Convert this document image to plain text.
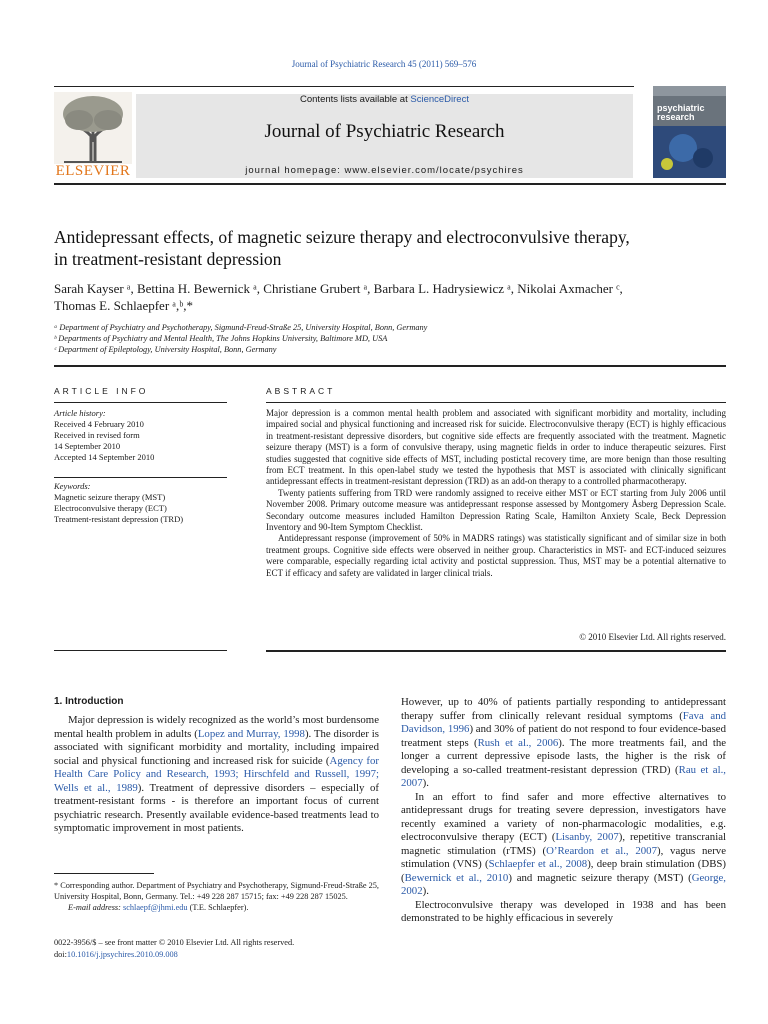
Journal of Psychiatric Research 45 (2011) 569–576
ELSEVIER
Contents lists available at ScienceDirect
Journal of Psychiatric Research
journal homepage: www.elsevier.com/locate/psychires
psychiatric research
Antidepressant effects, of magnetic seizure therapy and electroconvulsive therapy,
in treatment-resistant depression
Sarah Kayser ᵃ, Bettina H. Bewernick ᵃ, Christiane Grubert ᵃ, Barbara L. Hadrysiewicz ᵃ, Nikolai Axmacher ᶜ,
Thomas E. Schlaepfer ᵃ,ᵇ,*
ᵃ Department of Psychiatry and Psychotherapy, Sigmund-Freud-Straße 25, University Hospital, Bonn, Germany
ᵇ Departments of Psychiatry and Mental Health, The Johns Hopkins University, Baltimore MD, USA
ᶜ Department of Epileptology, University Hospital, Bonn, Germany
ARTICLE INFO
Article history:
Received 4 February 2010
Received in revised form
14 September 2010
Accepted 14 September 2010
Keywords:
Magnetic seizure therapy (MST)
Electroconvulsive therapy (ECT)
Treatment-resistant depression (TRD)
ABSTRACT

Major depression is a common mental health problem and associated with significant morbidity and mortality, including impaired social and physical functioning and increased risk for suicide. Electroconvulsive therapy (ECT) is highly efficacious in treatment-resistant depressive disorders, but cognitive side effects are frequently associated with the treatment. Magnetic seizure therapy (MST) is a form of convulsive therapy, using magnetic fields in order to induce therapeutic seizures. First studies suggested that cognitive side effects of MST, including postictal recovery time, are more benign than those resulting from ECT treatment. In this open-label study we tested the hypothesis that MST is associated with clinically significant antidepressant effects in treatment-resistant depression (TRD) as an add-on therapy to a controlled pharmacotherapy.

Twenty patients suffering from TRD were randomly assigned to receive either MST or ECT starting from July 2006 until November 2008. Primary outcome measure was antidepressant response assessed by Montgomery Åsberg Depression Scale. Secondary outcome measures included Hamilton Depression Rating Scale, Hamilton Anxiety Scale, Beck Depression Inventory and 90-Item Symptom Checklist.

Antidepressant response (improvement of 50% in MADRS ratings) was statistically significant and of similar size in both treatment groups. Cognitive side effects were observed in neither group. Characteristics in MST- and ECT-induced seizures were comparable, especially regarding ictal activity and postictal suppression. Thus, MST may be a potential alternative to ECT if efficacy and safety are validated in larger clinical trials.

© 2010 Elsevier Ltd. All rights reserved.
1. Introduction

Major depression is widely recognized as the world’s most burdensome mental health problem in adults (Lopez and Murray, 1998). The disorder is associated with significant morbidity and mortality, including impaired social and physical functioning and increased risk for suicide (Agency for Health Care Policy and Research, 1993; Hirschfeld and Russell, 1997; Wells et al., 1989). Treatment of depressive disorders – especially of treatment-resistant forms - is therefore an important focus of current psychiatric research. Presently available evidence-based treatments lead to symptomatic improvement in most patients.

However, up to 40% of patients partially responding to antidepressant therapy suffer from clinically relevant residual symptoms (Fava and Davidson, 1996) and 30% of patient do not respond to four evidence-based treatment steps (Rush et al., 2006). The more treatments fail, and the longer a current depressive episode lasts, the higher is the risk of developing a so-called treatment-resistant depression (TRD) (Rau et al., 2007).

In an effort to find safer and more effective alternatives to antidepressant drugs for treating severe depression, investigators have recently examined a variety of non-pharmacologic modalities, e.g. electroconvulsive therapy (ECT) (Lisanby, 2007), repetitive transcranial magnetic stimulation (rTMS) (O’Reardon et al., 2007), vagus nerve stimulation (VNS) (Schlaepfer et al., 2008), deep brain stimulation (DBS) (Bewernick et al., 2010) and magnetic seizure therapy (MST) (George, 2002).

Electroconvulsive therapy was developed in 1938 and has been demonstrated to be highly efficacious in severely

* Corresponding author. Department of Psychiatry and Psychotherapy, Sigmund-Freud-Straße 25, University Hospital, Bonn, Germany. Tel.: +49 228 287 15715; fax: +49 228 287 15025.

E-mail address: schlaepf@jhmi.edu (T.E. Schlaepfer).

0022-3956/$ – see front matter © 2010 Elsevier Ltd. All rights reserved.
doi:10.1016/j.jpsychires.2010.09.008
